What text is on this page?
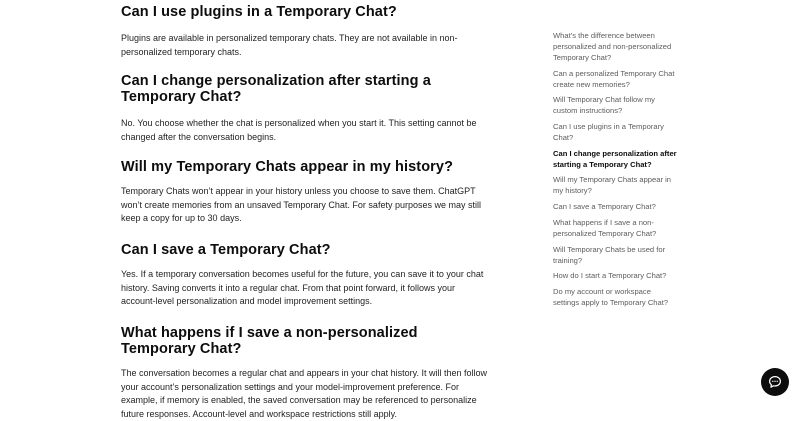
Can I use plugins in a Temporary Chat?

Plugins are available in personalized temporary chats. They are not available in non-personalized temporary chats.

Can I change personalization after starting a Temporary Chat?

No. You choose whether the chat is personalized when you start it. This setting cannot be changed after the conversation begins.

Will my Temporary Chats appear in my history?

Temporary Chats won’t appear in your history unless you choose to save them. ChatGPT won’t create memories from an unsaved Temporary Chat. For safety purposes we may still keep a copy for up to 30 days.

Can I save a Temporary Chat?

Yes. If a temporary conversation becomes useful for the future, you can save it to your chat history. Saving converts it into a regular chat. From that point forward, it follows your account-level personalization and model improvement settings.

What happens if I save a non-personalized Temporary Chat?

The conversation becomes a regular chat and appears in your chat history. It will then follow your account’s personalization settings and your model-improvement preference. For example, if memory is enabled, the saved conversation may be referenced to personalize future responses. Account-level and workspace restrictions still apply.

What’s the difference between personalized and non-personalized Temporary Chat?
Can a personalized Temporary Chat create new memories?
Will Temporary Chat follow my custom instructions?
Can I use plugins in a Temporary Chat?
Can I change personalization after starting a Temporary Chat?
Will my Temporary Chats appear in my history?
Can I save a Temporary Chat?
What happens if I save a non-personalized Temporary Chat?
Will Temporary Chats be used for training?
How do I start a Temporary Chat?
Do my account or workspace settings apply to Temporary Chat?
